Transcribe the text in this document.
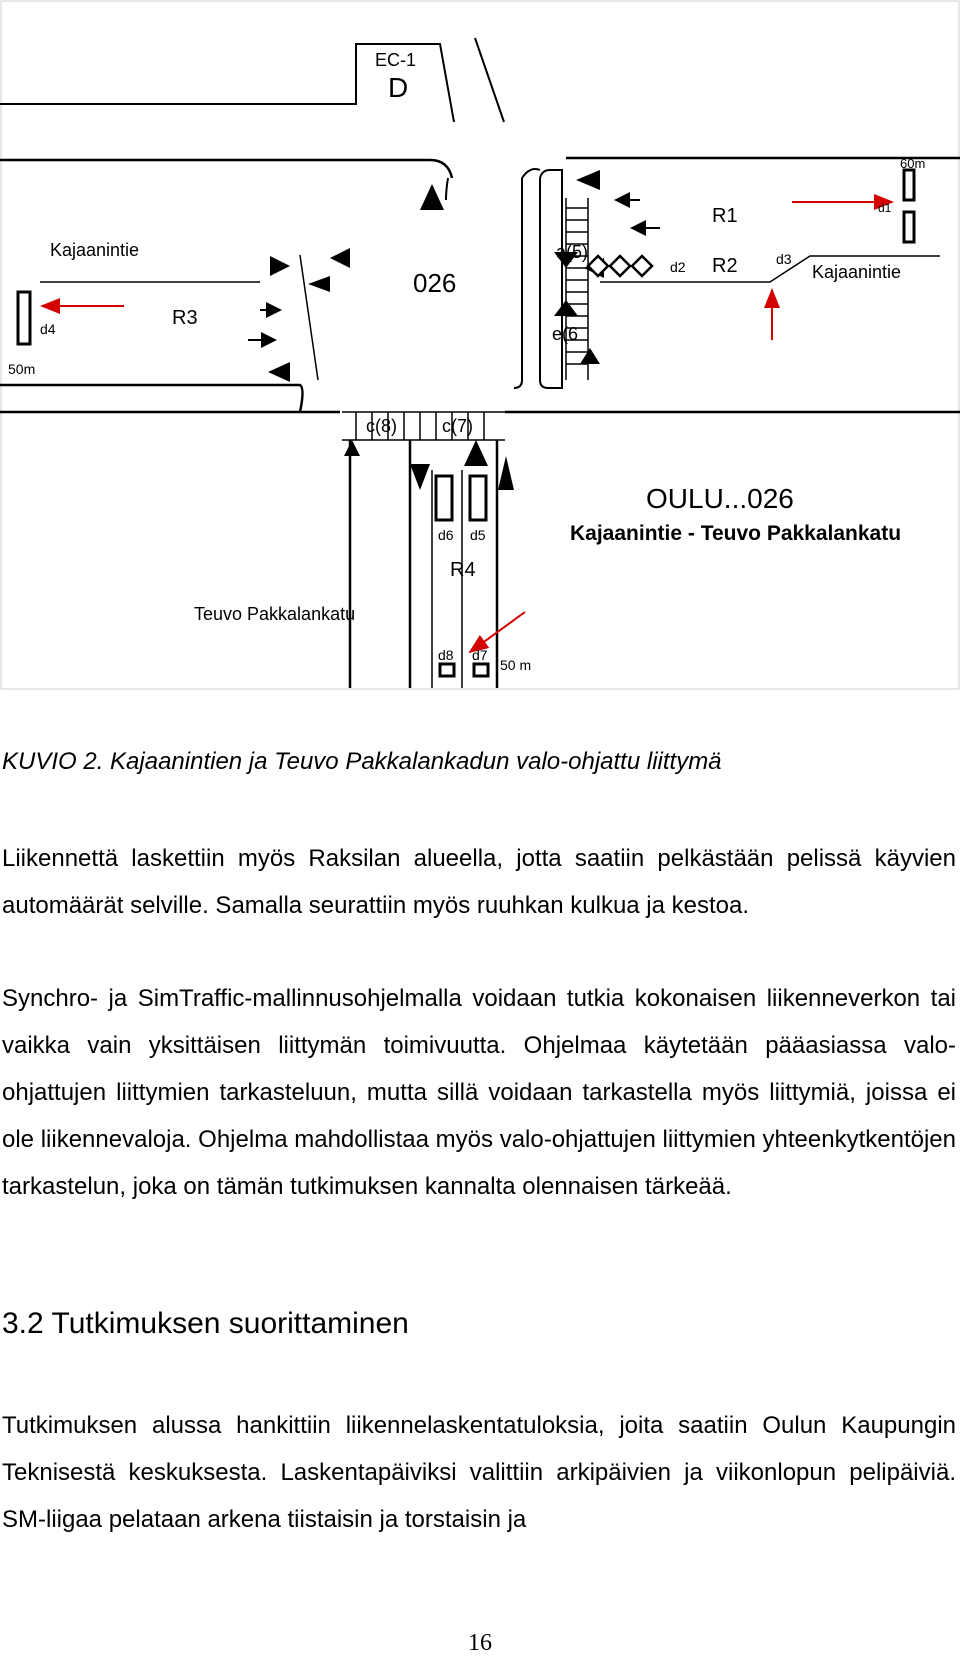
EC-1
D
026
Kajaanintie
Kajaanintie
Teuvo Pakkalankatu
R1
R2
R3
R4
d1
d2	d3
d4
d5
d6
d7
d8
a(5)
e(6
c(8)	c(7)
60m
50m
50 m
OULU...026
Kajaanintie - Teuvo Pakkalankatu

KUVIO 2. Kajaanintien ja Teuvo Pakkalankadun valo-ohjattu liittymä

Liikennettä laskettiin myös Raksilan alueella, jotta saatiin pelkästään pelissä käyvien automäärät selville. Samalla seurattiin myös ruuhkan kulkua ja kestoa.

Synchro- ja SimTraffic-mallinnusohjelmalla voidaan tutkia kokonaisen liikenneverkon tai vaikka vain yksittäisen liittymän toimivuutta. Ohjelmaa käytetään pääasiassa valo-ohjattujen liittymien tarkasteluun, mutta sillä voidaan tarkastella myös liittymiä, joissa ei ole liikennevaloja. Ohjelma mahdollistaa myös valo-ohjattujen liittymien yhteenkytkentöjen tarkastelun, joka on tämän tutkimuksen kannalta olennaisen tärkeää.

3.2 Tutkimuksen suorittaminen

Tutkimuksen alussa hankittiin liikennelaskentatuloksia, joita saatiin Oulun Kaupungin Teknisestä keskuksesta. Laskentapäiviksi valittiin arkipäivien ja viikonlopun pelipäiviä. SM-liigaa pelataan arkena tiistaisin ja torstaisin ja

16
